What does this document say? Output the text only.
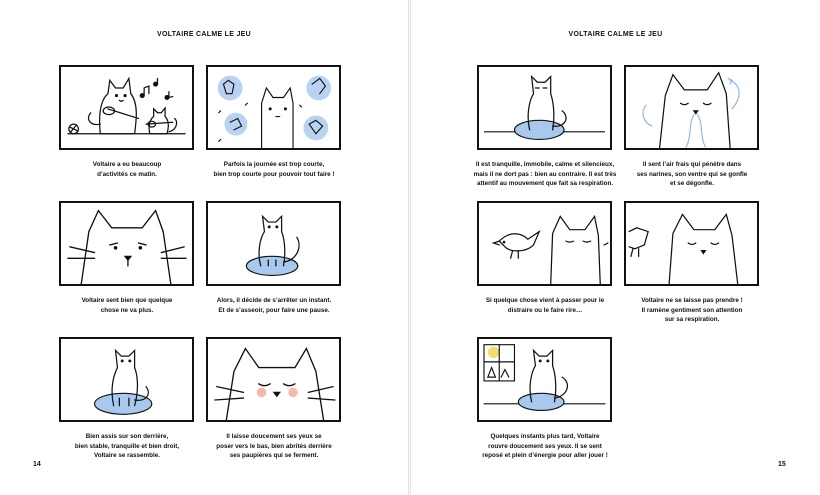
VOLTAIRE CALME LE JEU
Voltaire a eu beaucoup
d’activités ce matin.
Parfois la journée est trop courte,
bien trop courte pour pouvoir tout faire !
Voltaire sent bien que quelque
chose ne va plus.
Alors, il décide de s’arrêter un instant.
Et de s’asseoir, pour faire une pause.
Bien assis sur son derrière,
bien stable, tranquille et bien droit,
Voltaire se rassemble.
Il laisse doucement ses yeux se
poser vers le bas, bien abrités derrière
ses paupières qui se ferment.
14
VOLTAIRE CALME LE JEU
Il est tranquille, immobile, calme et silencieux,
mais il ne dort pas : bien au contraire. Il est très
attentif au mouvement que fait sa respiration.
Il sent l’air frais qui pénètre dans
ses narines, son ventre qui se gonfle
et se dégonfle.
Si quelque chose vient à passer pour le
distraire ou le faire rire…
Voltaire ne se laisse pas prendre !
Il ramène gentiment son attention
sur sa respiration.
Quelques instants plus tard, Voltaire
rouvre doucement ses yeux. Il se sent
reposé et plein d’énergie pour aller jouer !
15
